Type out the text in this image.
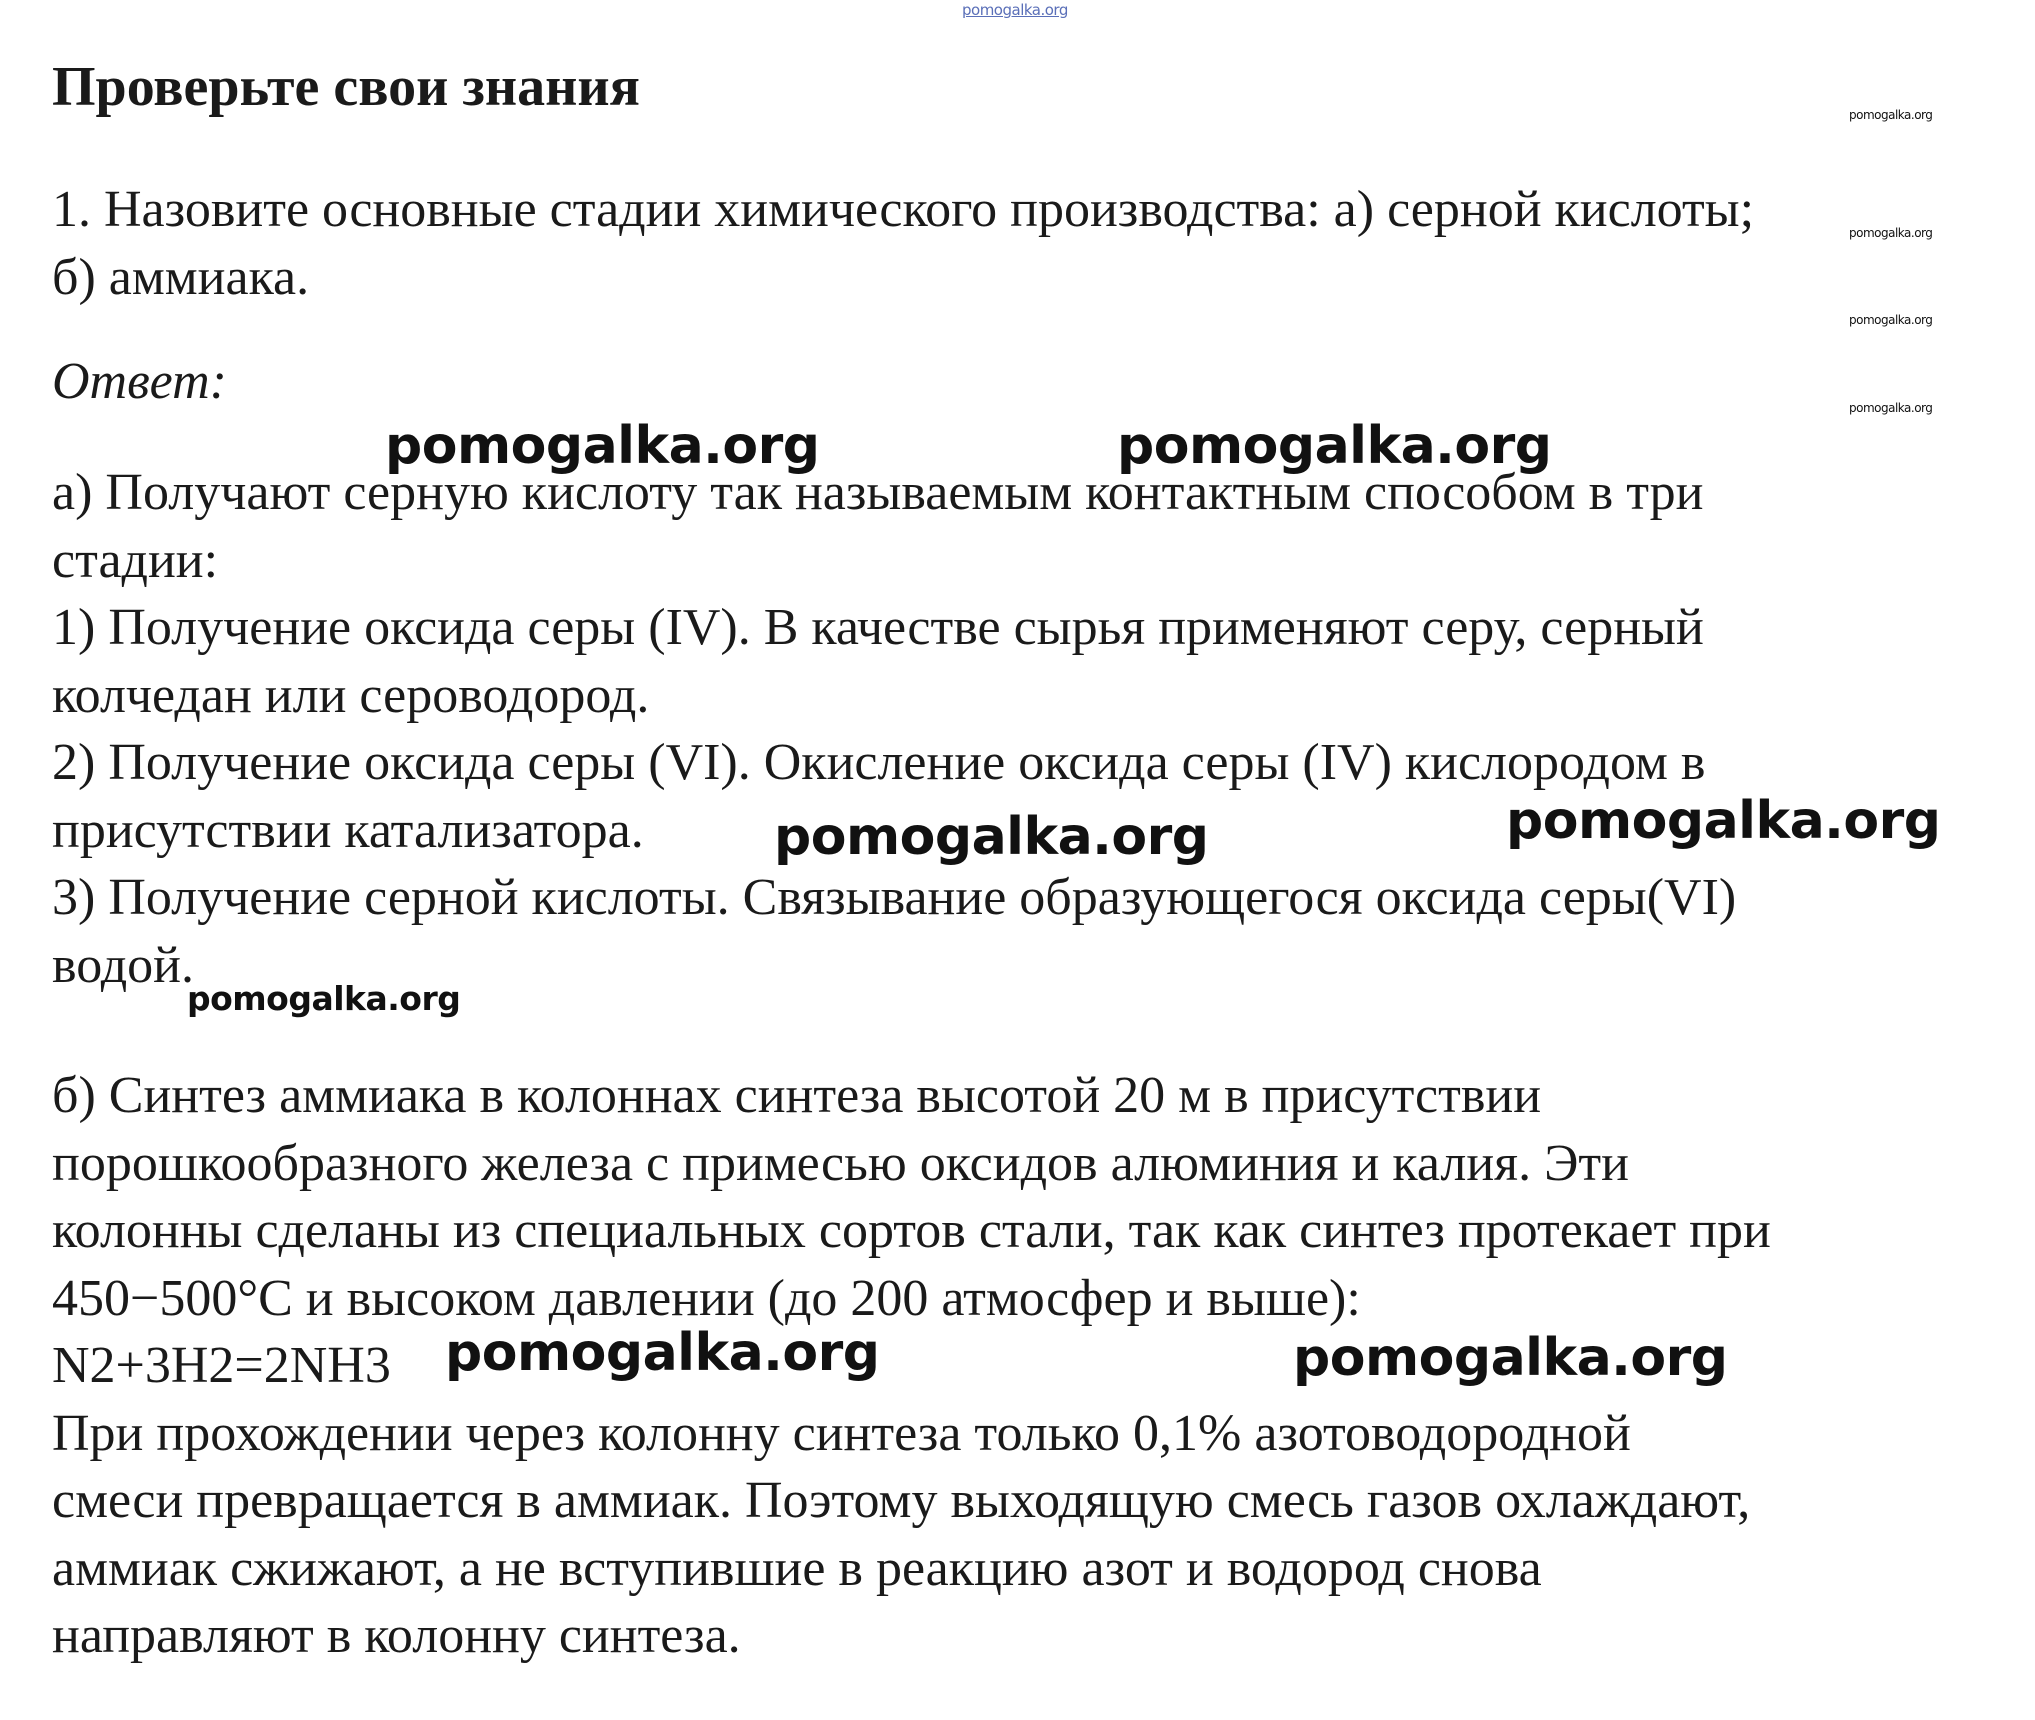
Проверьте свои знания
1. Назовите основные стадии химического производства: а) серной кислоты;
б) аммиака.
Ответ:
а) Получают серную кислоту так называемым контактным способом в три
стадии:
1) Получение оксида серы (IV). В качестве сырья применяют серу, серный
колчедан или сероводород.
2) Получение оксида серы (VI). Окисление оксида серы (IV) кислородом в
присутствии катализатора.
3) Получение серной кислоты. Связывание образующегося оксида серы(VI)
водой.
б) Синтез аммиака в колоннах синтеза высотой 20 м в присутствии
порошкообразного железа с примесью оксидов алюминия и калия. Эти
колонны сделаны из специальных сортов стали, так как синтез протекает при
450−500°C и высоком давлении (до 200 атмосфер и выше):
N2+3H2=2NH3
При прохождении через колонну синтеза только 0,1% азотоводородной
смеси превращается в аммиак. Поэтому выходящую смесь газов охлаждают,
аммиак сжижают, а не вступившие в реакцию азот и водород снова
направляют в колонну синтеза.
pomogalka.org
pomogalka.org
pomogalka.org
pomogalka.org
pomogalka.org
pomogalka.org	pomogalka.org
pomogalka.org	pomogalka.org
pomogalka.org
pomogalka.org	pomogalka.org
